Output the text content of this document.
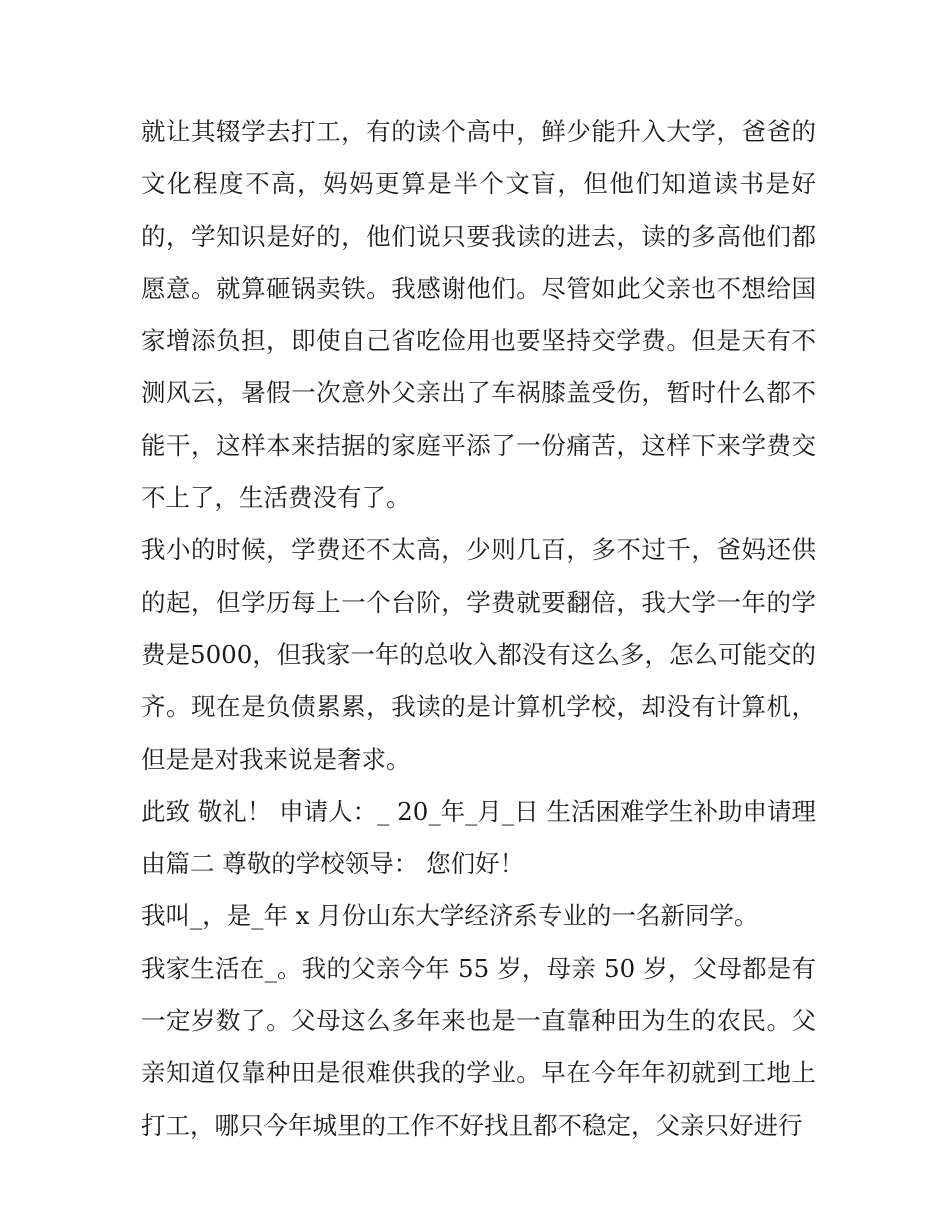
就让其辍学去打工，有的读个高中，鲜少能升入大学，爸爸的文化程度不高，妈妈更算是半个文盲，但他们知道读书是好的，学知识是好的，他们说只要我读的进去，读的多高他们都愿意。就算砸锅卖铁。我感谢他们。尽管如此父亲也不想给国家增添负担，即使自己省吃俭用也要坚持交学费。但是天有不测风云，暑假一次意外父亲出了车祸膝盖受伤，暂时什么都不能干，这样本来拮据的家庭平添了一份痛苦，这样下来学费交不上了，生活费没有了。

我小的时候，学费还不太高，少则几百，多不过千，爸妈还供的起，但学历每上一个台阶，学费就要翻倍，我大学一年的学费是5000，但我家一年的总收入都没有这么多，怎么可能交的齐。现在是负债累累，我读的是计算机学校，却没有计算机，但是是对我来说是奢求。

此致 敬礼！ 申请人：_ 20_年_月_日 生活困难学生补助申请理由篇二 尊敬的学校领导： 您们好！

我叫_，是_年 x 月份山东大学经济系专业的一名新同学。

我家生活在_。我的父亲今年 55 岁，母亲 50 岁，父母都是有一定岁数了。父母这么多年来也是一直靠种田为生的农民。父亲知道仅靠种田是很难供我的学业。早在今年年初就到工地上打工，哪只今年城里的工作不好找且都不稳定，父亲只好进行
